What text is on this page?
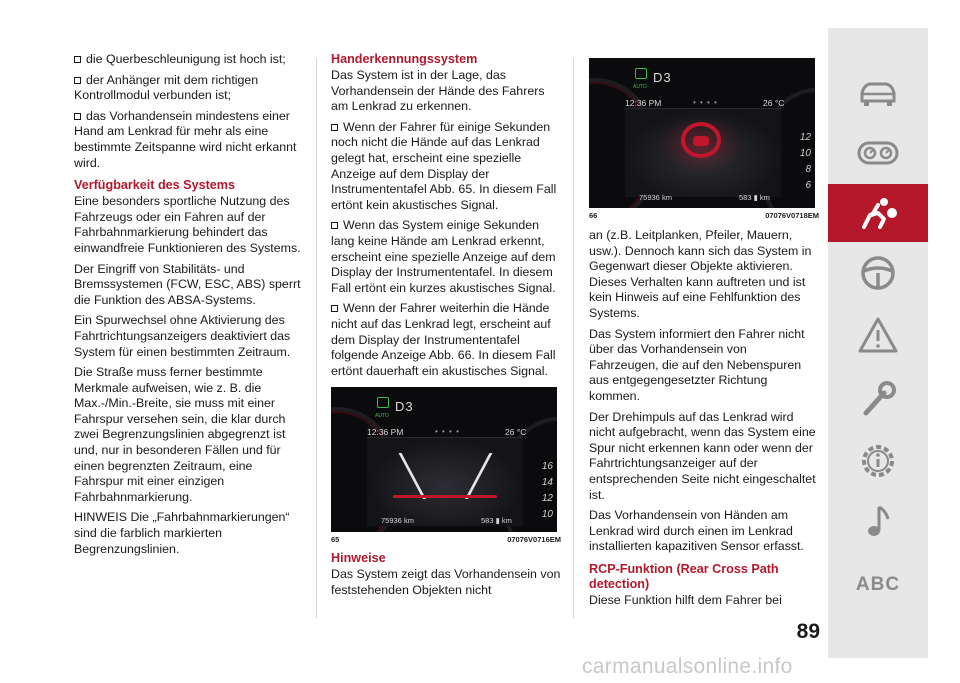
die Querbeschleunigung ist hoch ist;

der Anhänger mit dem richtigen Kontrollmodul verbunden ist;

das Vorhandensein mindestens einer Hand am Lenkrad für mehr als eine bestimmte Zeitspanne wird nicht erkannt wird.

Verfügbarkeit des Systems

Eine besonders sportliche Nutzung des Fahrzeugs oder ein Fahren auf der Fahrbahnmarkierung behindert das einwandfreie Funktionieren des Systems.

Der Eingriff von Stabilitäts- und Bremssystemen (FCW, ESC, ABS) sperrt die Funktion des ABSA-Systems.

Ein Spurwechsel ohne Aktivierung des Fahrtrichtungsanzeigers deaktiviert das System für einen bestimmten Zeitraum.

Die Straße muss ferner bestimmte Merkmale aufweisen, wie z. B. die Max.-/Min.-Breite, sie muss mit einer Fahrspur versehen sein, die klar durch zwei Begrenzungslinien abgegrenzt ist und, nur in besonderen Fällen und für einen begrenzten Zeitraum, eine Fahrspur mit einer einzigen Fahrbahnmarkierung.

HINWEIS Die „Fahrbahnmarkierungen“ sind die farblich markierten Begrenzungslinien.

Handerkennungssystem

Das System ist in der Lage, das Vorhandensein der Hände des Fahrers am Lenkrad zu erkennen.

Wenn der Fahrer für einige Sekunden noch nicht die Hände auf das Lenkrad gelegt hat, erscheint eine spezielle Anzeige auf dem Display der Instrumententafel Abb. 65. In diesem Fall ertönt kein akustisches Signal.

Wenn das System einige Sekunden lang keine Hände am Lenkrad erkennt, erscheint eine spezielle Anzeige auf dem Display der Instrumententafel. In diesem Fall ertönt ein kurzes akustisches Signal.

Wenn der Fahrer weiterhin die Hände nicht auf das Lenkrad legt, erscheint auf dem Display der Instrumententafel folgende Anzeige Abb. 66. In diesem Fall ertönt dauerhaft ein akustisches Signal.

16
14
12
10
AUTO
D3
12:36 PM	• • • •	26 °C
75936 km	583 ▮ km
65	07076V0716EM
Hinweise

Das System zeigt das Vorhandensein von feststehenden Objekten nicht

12
10
8
6
AUTO
D3
12:36 PM	• • • •	26 °C
75936 km	583 ▮ km
66	07076V0718EM

an (z.B. Leitplanken, Pfeiler, Mauern, usw.). Dennoch kann sich das System in Gegenwart dieser Objekte aktivieren. Dieses Verhalten kann auftreten und ist kein Hinweis auf eine Fehlfunktion des Systems.

Das System informiert den Fahrer nicht über das Vorhandensein von Fahrzeugen, die auf den Nebenspuren aus entgegengesetzter Richtung kommen.

Der Drehimpuls auf das Lenkrad wird nicht aufgebracht, wenn das System eine Spur nicht erkennen kann oder wenn der Fahrtrichtungsanzeiger auf der entsprechenden Seite nicht eingeschaltet ist.

Das Vorhandensein von Händen am Lenkrad wird durch einen im Lenkrad installierten kapazitiven Sensor erfasst.

RCP-Funktion (Rear Cross Path detection)

Diese Funktion hilft dem Fahrer bei

ABC
89
carmanualsonline.info
